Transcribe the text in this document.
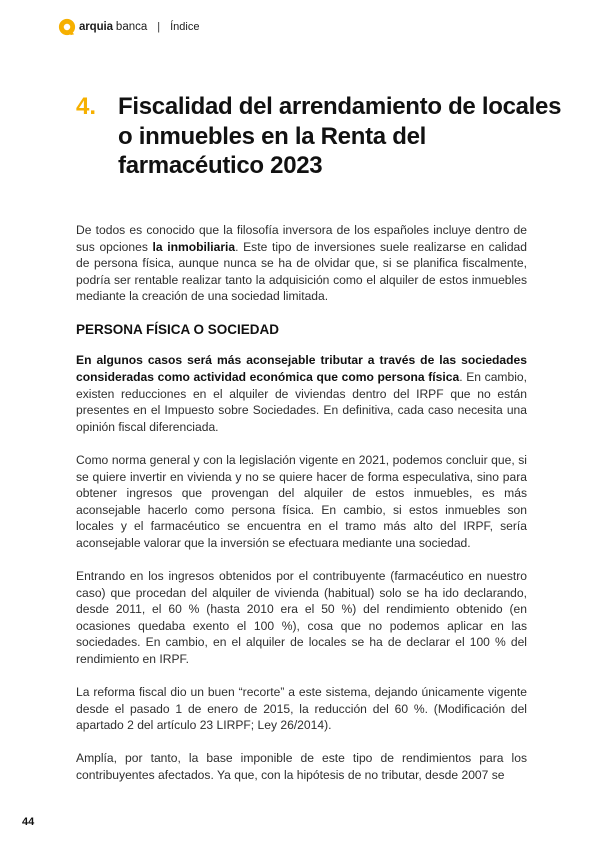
arquia banca | Índice
4. Fiscalidad del arrendamiento de locales o inmuebles en la Renta del farmacéutico 2023

De todos es conocido que la filosofía inversora de los españoles incluye dentro de sus opciones la inmobiliaria. Este tipo de inversiones suele realizarse en calidad de persona física, aunque nunca se ha de olvidar que, si se planifica fiscalmente, podría ser rentable realizar tanto la adquisición como el alquiler de estos inmuebles mediante la creación de una sociedad limitada.

PERSONA FÍSICA O SOCIEDAD

En algunos casos será más aconsejable tributar a través de las sociedades consideradas como actividad económica que como persona física. En cambio, existen reducciones en el alquiler de viviendas dentro del IRPF que no están presentes en el Impuesto sobre Sociedades. En definitiva, cada caso necesita una opinión fiscal diferenciada.

Como norma general y con la legislación vigente en 2021, podemos concluir que, si se quiere invertir en vivienda y no se quiere hacer de forma especulativa, sino para obtener ingresos que provengan del alquiler de estos inmuebles, es más aconsejable hacerlo como persona física. En cambio, si estos inmuebles son locales y el farmacéutico se encuentra en el tramo más alto del IRPF, sería aconsejable valorar que la inversión se efectuara mediante una sociedad.

Entrando en los ingresos obtenidos por el contribuyente (farmacéutico en nuestro caso) que procedan del alquiler de vivienda (habitual) solo se ha ido declarando, desde 2011, el 60 % (hasta 2010 era el 50 %) del rendimiento obtenido (en ocasiones quedaba exento el 100 %), cosa que no podemos aplicar en las sociedades. En cambio, en el alquiler de locales se ha de declarar el 100 % del rendimiento en IRPF.

La reforma fiscal dio un buen “recorte” a este sistema, dejando únicamente vigente desde el pasado 1 de enero de 2015, la reducción del 60 %. (Modificación del apartado 2 del artículo 23 LIRPF; Ley 26/2014).

Amplía, por tanto, la base imponible de este tipo de rendimientos para los contribuyentes afectados. Ya que, con la hipótesis de no tributar, desde 2007 se

44
